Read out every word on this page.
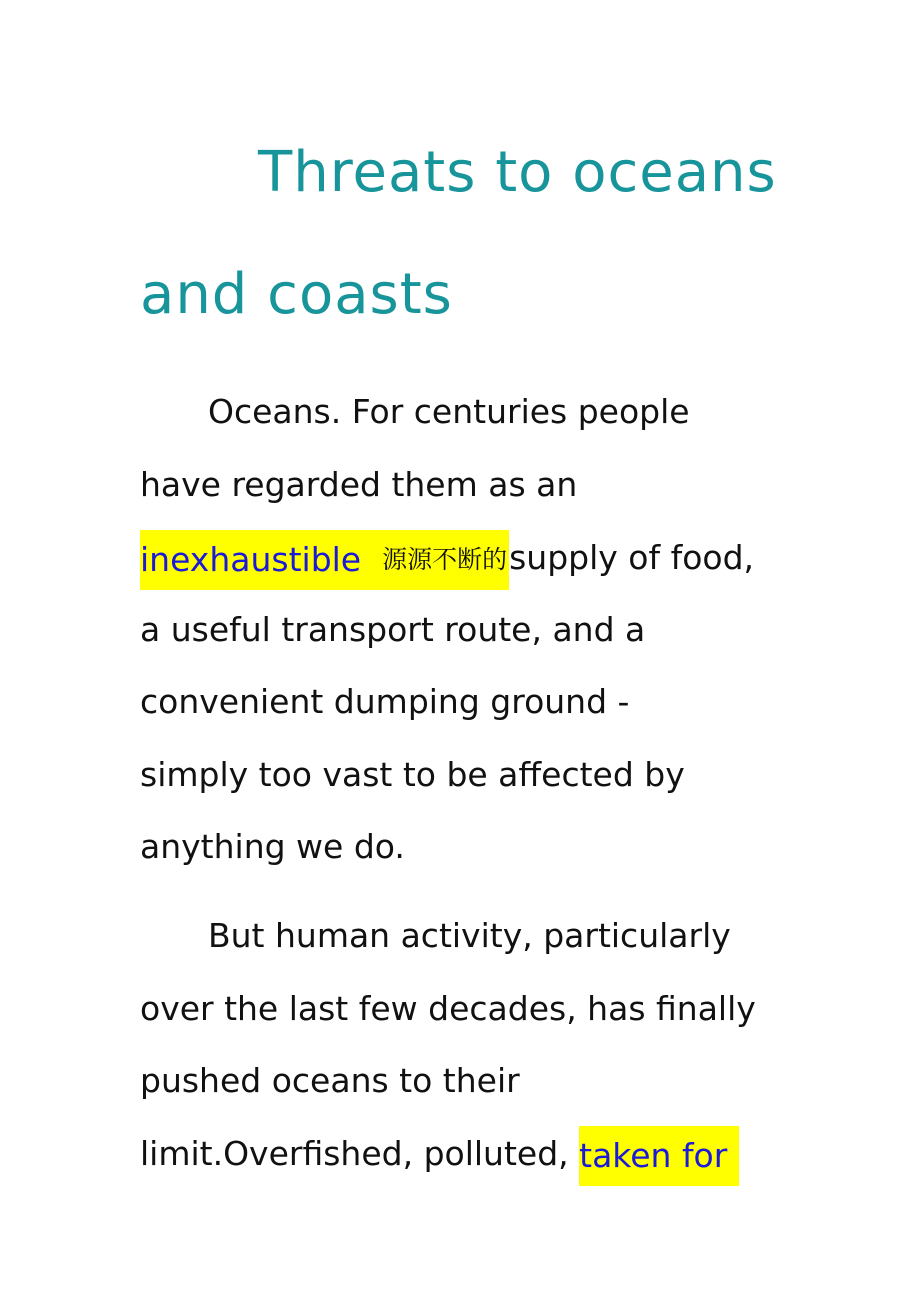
Threats to oceans
and coasts
Oceans. For centuries people
have regarded them as an
inexhaustible 源源不断的supply of food,
a useful transport route, and a
convenient dumping ground -
simply too vast to be affected by
anything we do.
But human activity, particularly
over the last few decades, has finally
pushed oceans to their
limit.Overfished, polluted, taken for
